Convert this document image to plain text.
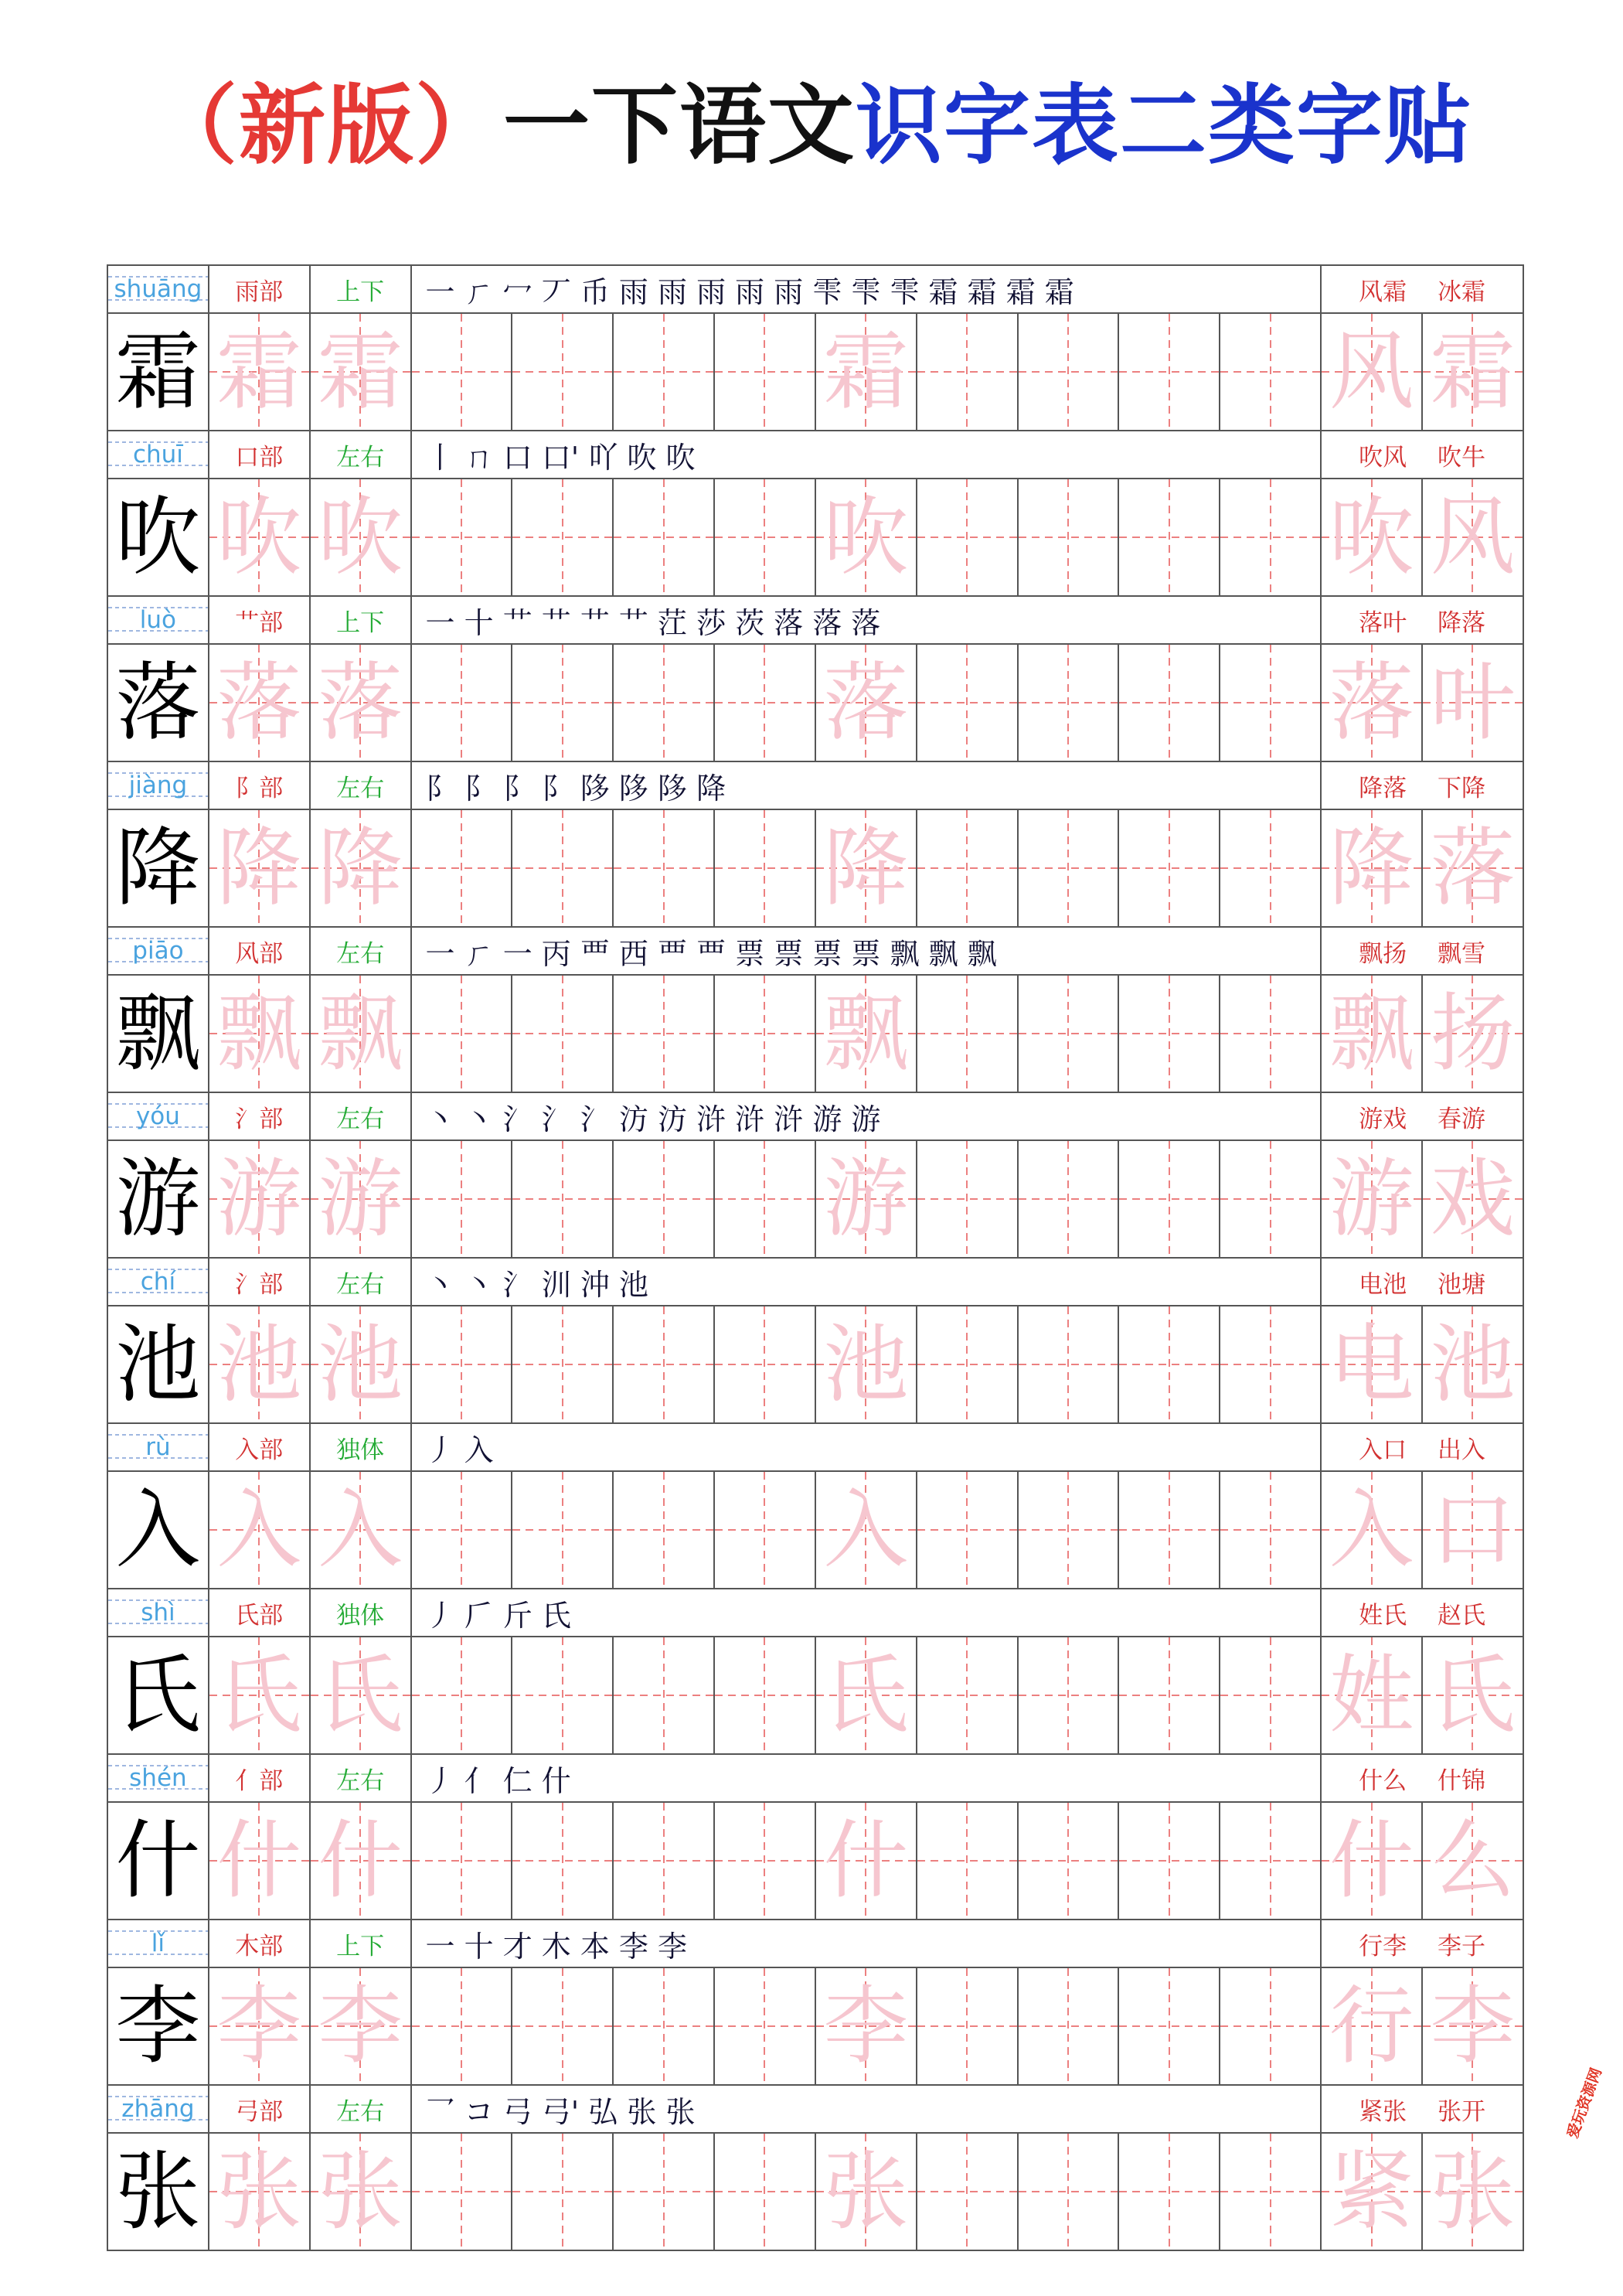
（新版）一下语文识字表二类字贴
shuāng	雨部	上下	一 ㄏ 冖 丆 币 雨 雨 雨 雨 雨 雫 雫 雫 霜 霜 霜 霜									风霜 冰霜	
霜	霜	霜					霜					风	霜
chuī	口部	左右	丨 ㄇ 口 口' 吖 吹 吹									吹风 吹牛	
吹	吹	吹					吹					吹	风
luò	艹部	上下	一 十 艹 艹 艹 艹 茳 莎 茨 落 落 落									落叶 降落	
落	落	落					落					落	叶
jiàng	阝部	左右	阝 阝 阝 阝 陊 陊 陊 降									降落 下降	
降	降	降					降					降	落
piāo	风部	左右	一 ㄏ 一 丙 覀 西 覀 覀 票 票 票 票 飘 飘 飘									飘扬 飘雪	
飘	飘	飘					飘					飘	扬
yóu	氵部	左右	丶 丶 氵 氵 氵 汸 汸 浒 浒 浒 游 游									游戏 春游	
游	游	游					游					游	戏
chí	氵部	左右	丶 丶 氵 汌 沖 池									电池 池塘	
池	池	池					池					电	池
rù	入部	独体	丿 入									入口 出入	
入	入	入					入					入	口
shì	氏部	独体	丿 𠂆 斤 氏									姓氏 赵氏	
氏	氏	氏					氏					姓	氏
shén	亻部	左右	丿 亻 仁 什									什么 什锦	
什	什	什					什					什	么
lǐ	木部	上下	一 十 才 木 本 李 李									行李 李子	
李	李	李					李					行	李
zhāng	弓部	左右	乛 コ 弓 弓' 弘 张 张									紧张 张开	
张	张	张					张					紧	张
爱玩资源网
